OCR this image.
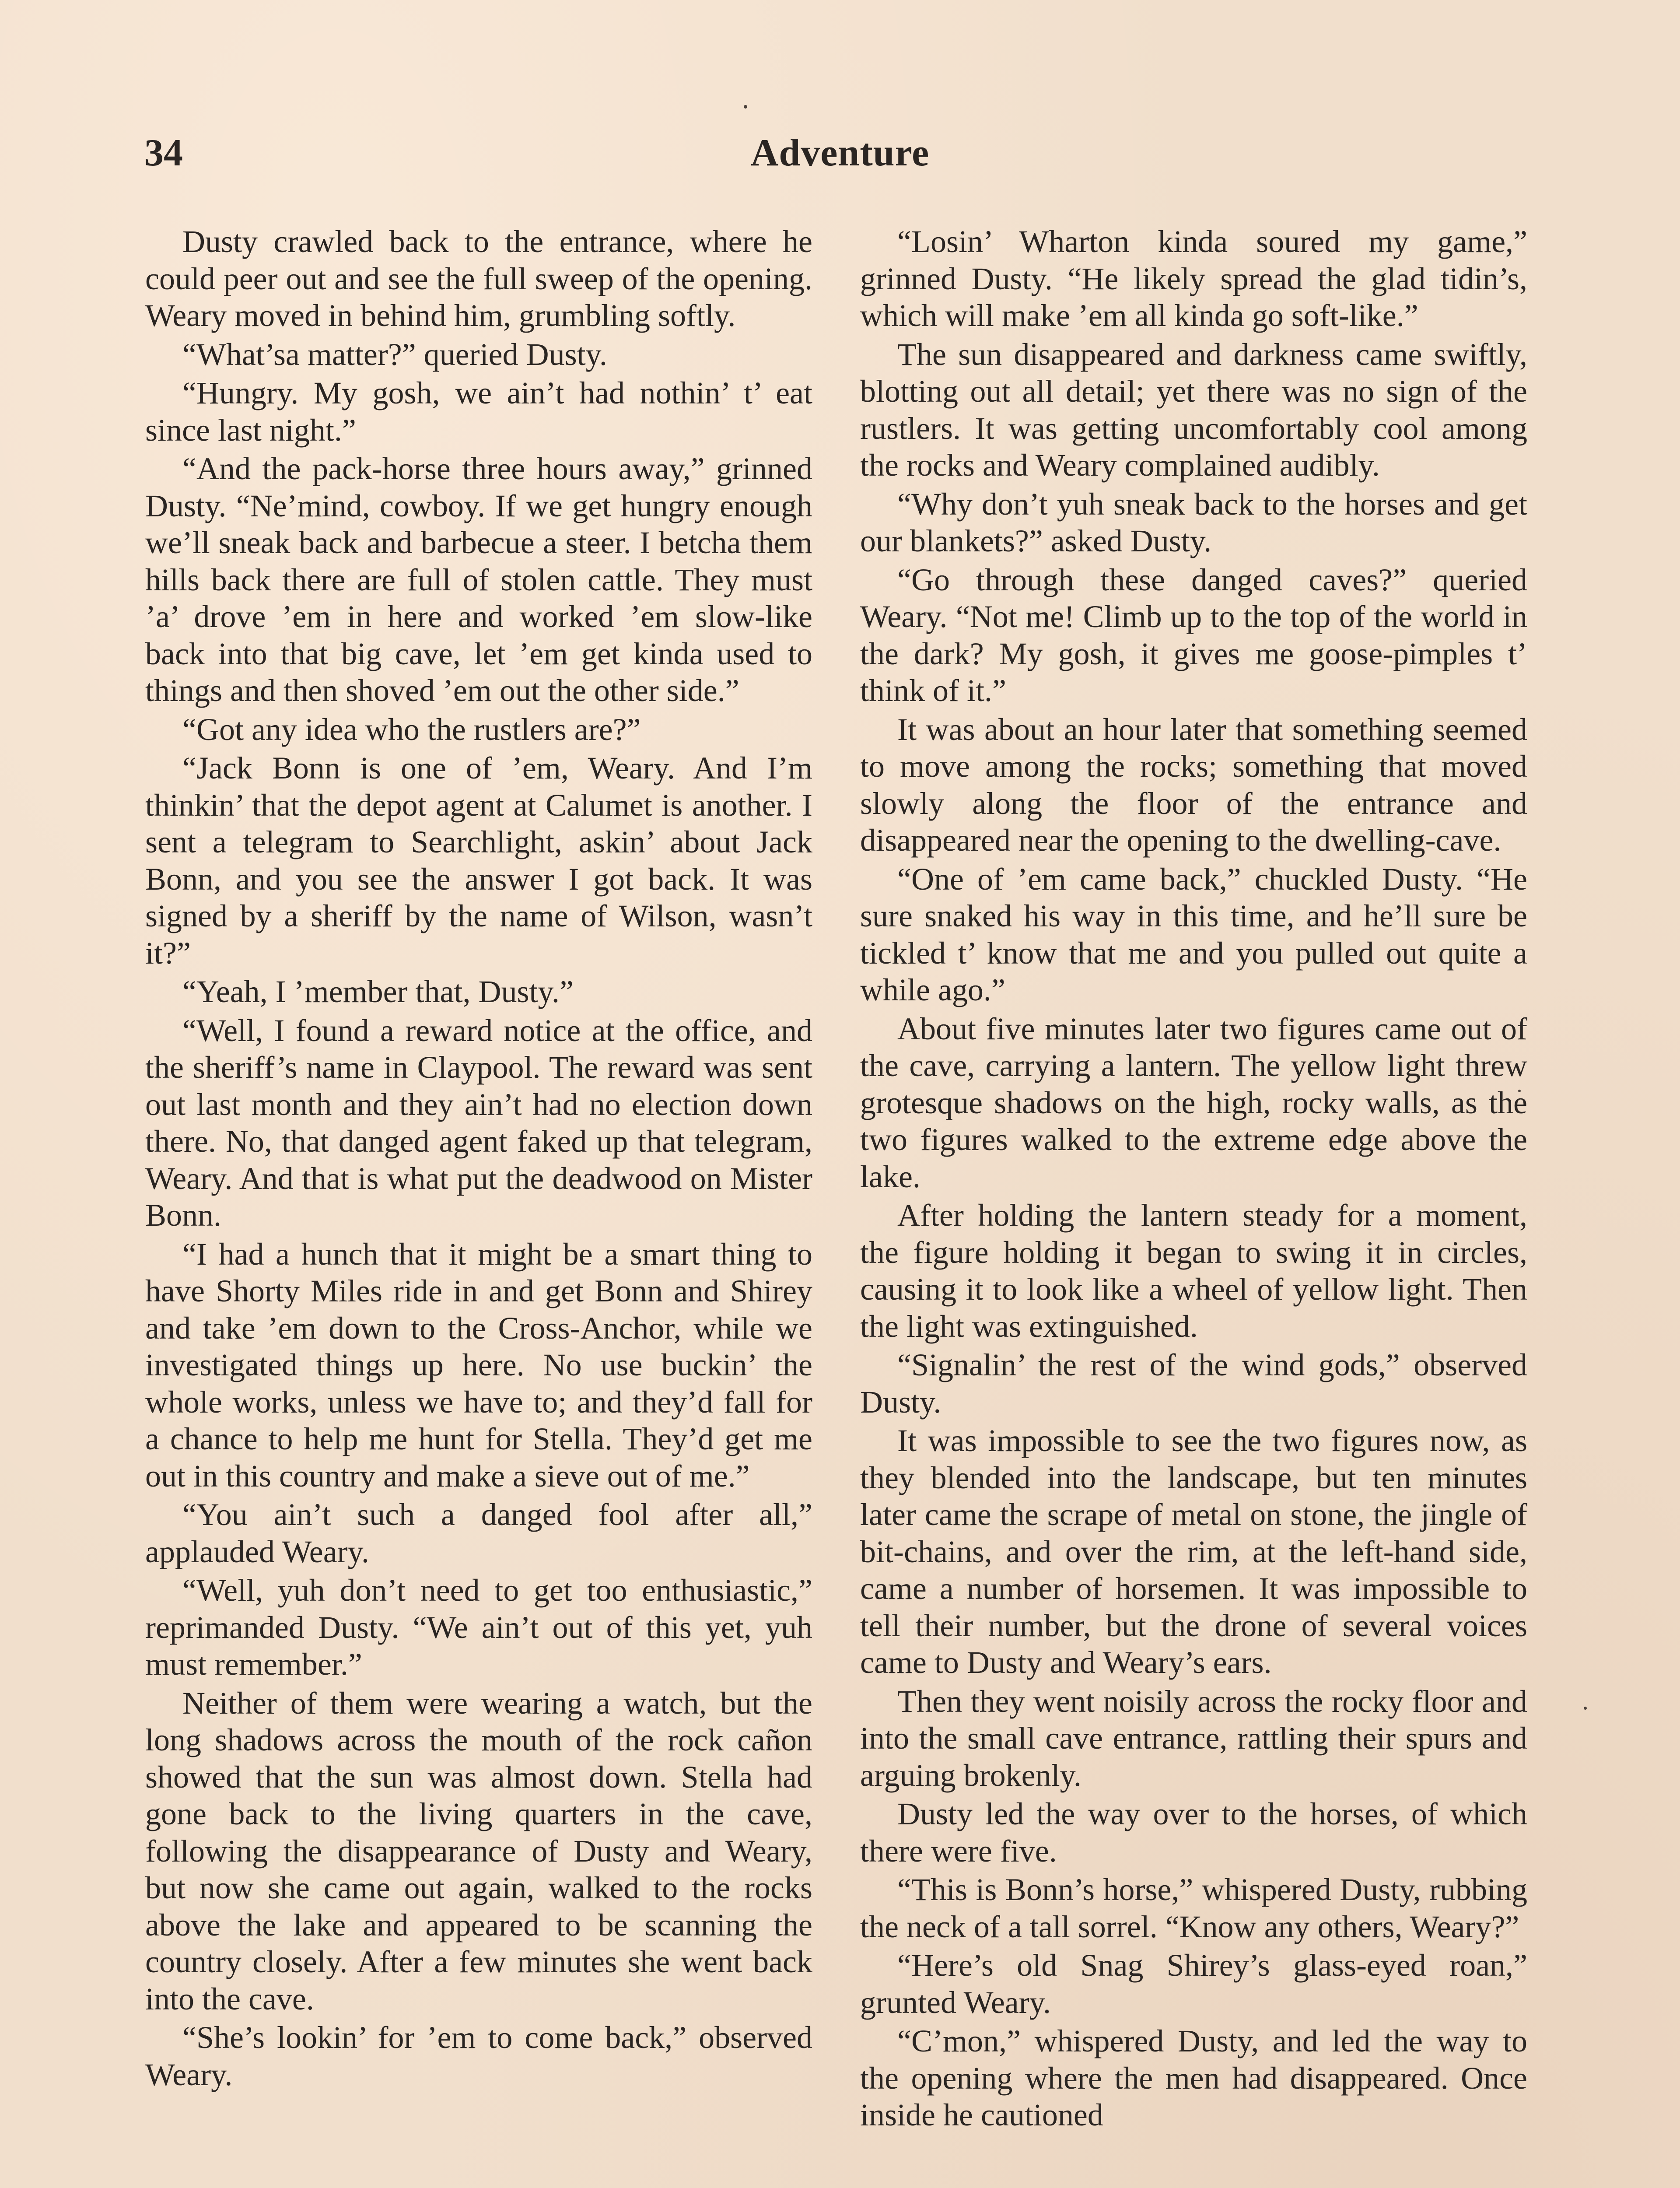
34	Adventure

Dusty crawled back to the entrance, where he could peer out and see the full sweep of the opening. Weary moved in behind him, grumbling softly.

“What’sa matter?” queried Dusty.

“Hungry. My gosh, we ain’t had nothin’ t’ eat since last night.”

“And the pack-horse three hours away,” grinned Dusty. “Ne’mind, cowboy. If we get hungry enough we’ll sneak back and barbecue a steer. I betcha them hills back there are full of stolen cattle. They must ’a’ drove ’em in here and worked ’em slow-like back into that big cave, let ’em get kinda used to things and then shoved ’em out the other side.”

“Got any idea who the rustlers are?”

“Jack Bonn is one of ’em, Weary. And I’m thinkin’ that the depot agent at Calumet is another. I sent a telegram to Searchlight, askin’ about Jack Bonn, and you see the answer I got back. It was signed by a sheriff by the name of Wilson, wasn’t it?”

“Yeah, I ’member that, Dusty.”

“Well, I found a reward notice at the office, and the sheriff’s name in Claypool. The reward was sent out last month and they ain’t had no election down there. No, that danged agent faked up that telegram, Weary. And that is what put the deadwood on Mister Bonn.

“I had a hunch that it might be a smart thing to have Shorty Miles ride in and get Bonn and Shirey and take ’em down to the Cross-Anchor, while we investigated things up here. No use buckin’ the whole works, unless we have to; and they’d fall for a chance to help me hunt for Stella. They’d get me out in this country and make a sieve out of me.”

“You ain’t such a danged fool after all,” applauded Weary.

“Well, yuh don’t need to get too enthusiastic,” reprimanded Dusty. “We ain’t out of this yet, yuh must remember.”

Neither of them were wearing a watch, but the long shadows across the mouth of the rock cañon showed that the sun was almost down. Stella had gone back to the living quarters in the cave, following the disappearance of Dusty and Weary, but now she came out again, walked to the rocks above the lake and appeared to be scanning the country closely. After a few minutes she went back into the cave.

“She’s lookin’ for ’em to come back,” observed Weary.

“Losin’ Wharton kinda soured my game,” grinned Dusty. “He likely spread the glad tidin’s, which will make ’em all kinda go soft-like.”

The sun disappeared and darkness came swiftly, blotting out all detail; yet there was no sign of the rustlers. It was getting uncomfortably cool among the rocks and Weary complained audibly.

“Why don’t yuh sneak back to the horses and get our blankets?” asked Dusty.

“Go through these danged caves?” queried Weary. “Not me! Climb up to the top of the world in the dark? My gosh, it gives me goose-pimples t’ think of it.”

It was about an hour later that something seemed to move among the rocks; something that moved slowly along the floor of the entrance and disappeared near the opening to the dwelling-cave.

“One of ’em came back,” chuckled Dusty. “He sure snaked his way in this time, and he’ll sure be tickled t’ know that me and you pulled out quite a while ago.”

About five minutes later two figures came out of the cave, carrying a lantern. The yellow light threw grotesque shadows on the high, rocky walls, as the two figures walked to the extreme edge above the lake.

After holding the lantern steady for a moment, the figure holding it began to swing it in circles, causing it to look like a wheel of yellow light. Then the light was extinguished.

“Signalin’ the rest of the wind gods,” observed Dusty.

It was impossible to see the two figures now, as they blended into the landscape, but ten minutes later came the scrape of metal on stone, the jingle of bit-chains, and over the rim, at the left-hand side, came a number of horsemen. It was impossible to tell their number, but the drone of several voices came to Dusty and Weary’s ears.

Then they went noisily across the rocky floor and into the small cave entrance, rattling their spurs and arguing brokenly.

Dusty led the way over to the horses, of which there were five.

“This is Bonn’s horse,” whispered Dusty, rubbing the neck of a tall sorrel. “Know any others, Weary?”

“Here’s old Snag Shirey’s glass-eyed roan,” grunted Weary.

“C’mon,” whispered Dusty, and led the way to the opening where the men had disappeared. Once inside he cautioned
